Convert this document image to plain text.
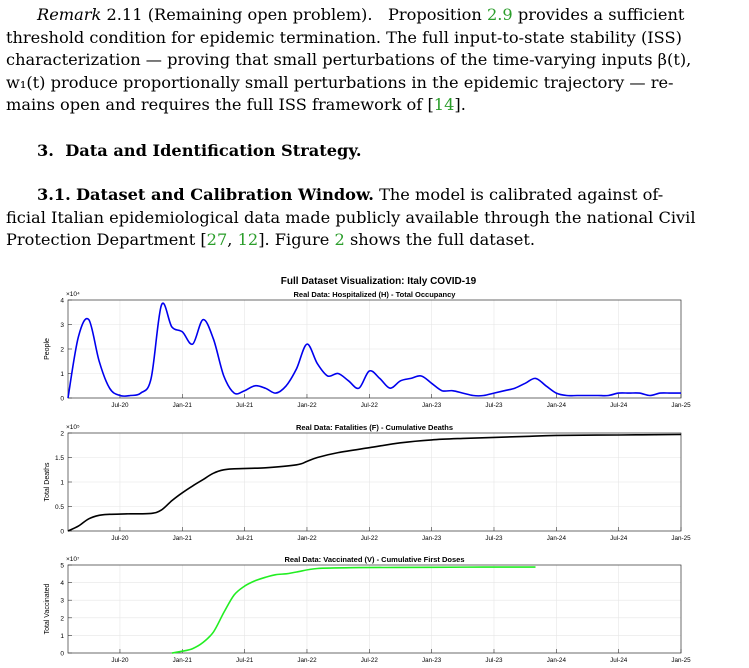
Remark 2.11 (Remaining open problem). Proposition 2.9 provides a sufficient
threshold condition for epidemic termination. The full input-to-state stability (ISS)
characterization — proving that small perturbations of the time-varying inputs β(t),
w₁(t) produce proportionally small perturbations in the epidemic trajectory — re-
mains open and requires the full ISS framework of [14].
3. Data and Identification Strategy.
3.1. Dataset and Calibration Window. The model is calibrated against of-
ficial Italian epidemiological data made publicly available through the national Civil
Protection Department [27, 12]. Figure 2 shows the full dataset.
Full Dataset Visualization: Italy COVID-19
Real Data: Hospitalized (H) - Total Occupancy
×10⁴
People
0
1
2
3
4
Jul-20	Jan-21	Jul-21	Jan-22	Jul-22	Jan-23	Jul-23	Jan-24	Jul-24	Jan-25
Real Data: Fatalities (F) - Cumulative Deaths
×10⁵
Total Deaths
0
0.5
1
1.5
2
Jul-20	Jan-21	Jul-21	Jan-22	Jul-22	Jan-23	Jul-23	Jan-24	Jul-24	Jan-25
Real Data: Vaccinated (V) - Cumulative First Doses
×10⁷
Total Vaccinated
0
1
2
3
4
5
Jul-20	Jan-21	Jul-21	Jan-22	Jul-22	Jan-23	Jul-23	Jan-24	Jul-24	Jan-25
